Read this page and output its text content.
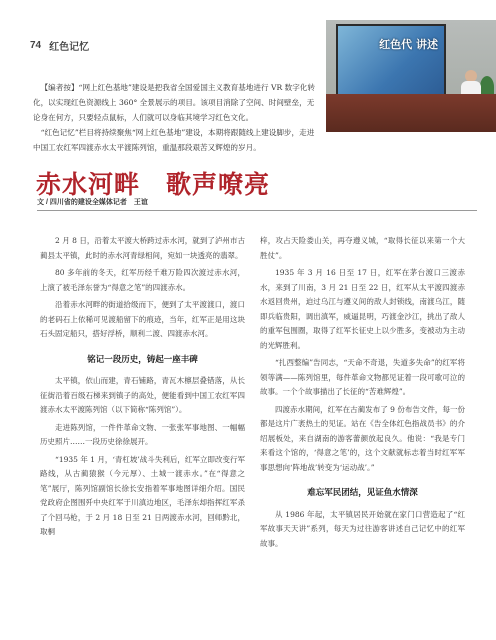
74 红色记忆	红色代 讲述

【编者按】“网上红色基地”建设是把我省全国爱国主义教育基地进行 VR 数字化转化，以实现红色资源线上 360° 全景展示的项目。该项目消除了空间、时间壁垒，无论身在何方，只要轻点鼠标，人们就可以身临其境学习红色文化。

“红色记忆”栏目将持续聚焦“网上红色基地”建设，本期将跟随线上建设脚步，走进中国工农红军四渡赤水太平渡陈列馆，重温那段艰苦又辉煌的岁月。

赤水河畔　歌声嘹亮
文 / 四川省的建设全媒体记者　王谊

2 月 8 日，沿着太平渡大桥跨过赤水河，就到了泸州市古蔺县太平镇，此时的赤水河青绿相间，宛如一块透亮的翡翠。

80 多年前的冬天，红军历经千难万险四次渡过赤水河，上演了被毛泽东誉为“得意之笔”的四渡赤水。

沿着赤水河畔的街道拾级而下，便到了太平渡渡口，渡口的老码石上依稀可见渡船留下的痕迹，当年，红军正是用这块石头固定船只，搭好浮桥，顺利二渡、四渡赤水河。

铭记一段历史，铸起一座丰碑

太平镇，依山而建，青石铺路，青瓦木檩层叠错落，从长征街沿着百级石梯来到镇子的高处，便能看到中国工农红军四渡赤水太平渡陈列馆（以下简称“陈列馆”）。

走进陈列馆，一件件革命文物、一张张军事地图、一幅幅历史照片……一段历史徐徐展开。

“1935 年 1 月，‘青杠坡’战斗失利后，红军立即改变行军路线，从古蔺猿猴（今元厚）、土城一渡赤水。”在“得意之笔”展厅，陈列馆副馆长徐长安指着军事地图详细介绍。国民党政府企图围歼中央红军于川滇边地区，毛泽东却指挥红军杀了个回马枪，于 2 月 18 日至 21 日两渡赤水河，回师黔北，取桐

梓，攻占天险娄山关，再夺遵义城，“取得长征以来第一个大胜仗”。

1935 年 3 月 16 日至 17 日，红军在茅台渡口三渡赤水，来到了川南，3 月 21 日至 22 日，红军从太平渡四渡赤水返回贵州，迫过乌江与遵义间的敌人封锁线，南渡乌江，随即兵临贵阳，调出滇军，威逼昆明，巧渡金沙江，挑出了敌人的重军包围圈，取得了红军长征史上以少胜多，变被动为主动的光辉胜利。

“扎西整编”告同志，“天命不奇退，失道多失命”的红军将领等满——陈列馆里，每件革命文物都见证着一段可歌可泣的故事。一个个故事描出了长征的“苦难辉煌”。

四渡赤水期间，红军在古蔺发布了 9 份布告文件，每一份都是这片广袤热土的见证。站在《告全体红色指战员书》的介绍展板处，来自湖南的游客蕾颜放起良久。他说：“我是专门来看这个馆的，‘得意之笔’的，这个文献就标志着当时红军军事思想向‘阵地战’转变为‘运动战’。”

难忘军民团结，见证鱼水情深

从 1986 年起，太平镇居民开始就在家门口营造起了“红军故事天天讲”系列，每天为过往游客讲述自己记忆中的红军故事。
